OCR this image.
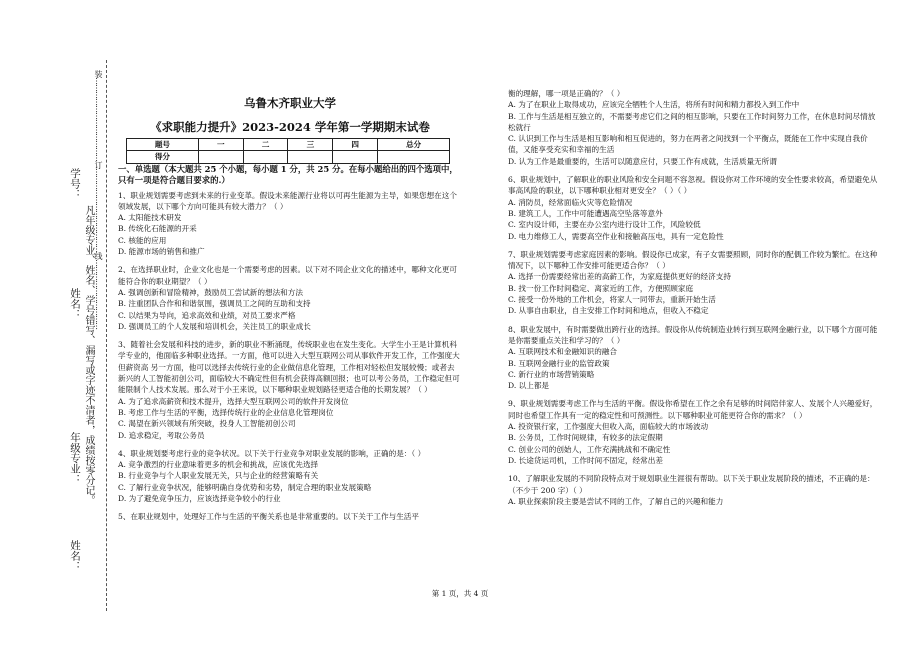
学号：
姓名：
年级专业：
姓名：
装………………………………订………………………………线…………………………
凡年级专业、姓名、学号错写、漏写或字迹不清者，成绩按零分记。

乌鲁木齐职业大学

《求职能力提升》2023-2024 学年第一学期期末试卷

题号	一	二	三	四	总分
得分					

一、单选题（本大题共 25 个小题，每小题 1 分，共 25 分。在每小题给出的四个选项中，只有一项是符合题目要求的.）

1、职业规划需要考虑到未来的行业变革。假设未来能源行业将以可再生能源为主导，如果您想在这个领域发展，以下哪个方向可能具有较大潜力？（ ）

A. 太阳能技术研发

B. 传统化石能源的开采

C. 核能的应用

D. 能源市场的销售和推广

2、在选择职业时，企业文化也是一个需要考虑的因素。以下对不同企业文化的描述中，哪种文化更可能符合你的职业期望？（ ）

A. 强调创新和冒险精神，鼓励员工尝试新的想法和方法

B. 注重团队合作和和谐氛围，强调员工之间的互助和支持

C. 以结果为导向，追求高效和业绩，对员工要求严格

D. 强调员工的个人发展和培训机会，关注员工的职业成长

3、随着社会发展和科技的进步，新的职业不断涌现，传统职业也在发生变化。大学生小王是计算机科学专业的，他面临多种职业选择。一方面，他可以进入大型互联网公司从事软件开发工作，工作强度大但薪资高 另一方面，他可以选择去传统行业的企业做信息化管理，工作相对轻松但发展较慢；或者去新兴的人工智能初创公司，面临较大不确定性但有机会获得高额回报；也可以考公务员，工作稳定但可能限制个人技术发展。那么对于小王来说，以下哪种职业规划路径更适合他的长期发展？（ ）

A. 为了追求高薪资和技术提升，选择大型互联网公司的软件开发岗位

B. 考虑工作与生活的平衡，选择传统行业的企业信息化管理岗位

C. 渴望在新兴领域有所突破，投身人工智能初创公司

D. 追求稳定，考取公务员

4、职业规划要考虑行业的竞争状况。以下关于行业竞争对职业发展的影响，正确的是：（ ）

A. 竞争激烈的行业意味着更多的机会和挑战，应该优先选择

B. 行业竞争与个人职业发展无关，只与企业的经营策略有关

C. 了解行业竞争状况，能够明确自身优势和劣势，制定合理的职业发展策略

D. 为了避免竞争压力，应该选择竞争较小的行业

5、在职业规划中，处理好工作与生活的平衡关系也是非常重要的。以下关于工作与生活平

衡的理解，哪一项是正确的？（ ）

A. 为了在职业上取得成功，应该完全牺牲个人生活，将所有时间和精力都投入到工作中

B. 工作与生活是相互独立的，不需要考虑它们之间的相互影响，只要在工作时间努力工作，在休息时间尽情放松就行

C. 认识到工作与生活是相互影响和相互促进的，努力在两者之间找到一个平衡点，既能在工作中实现自我价值，又能享受充实和幸福的生活

D. 认为工作是最重要的，生活可以随意应付，只要工作有成就，生活质量无所谓

6、职业规划中，了解职业的职业风险和安全问题不容忽视。假设你对工作环境的安全性要求较高，希望避免从事高风险的职业，以下哪种职业相对更安全？（ ）（ ）

A. 消防员，经常面临火灾等危险情况

B. 建筑工人，工作中可能遭遇高空坠落等意外

C. 室内设计师，主要在办公室内进行设计工作，风险较低

D. 电力维修工人，需要高空作业和接触高压电，具有一定危险性

7、职业规划需要考虑家庭因素的影响。假设你已成家，有子女需要照顾，同时你的配偶工作较为繁忙。在这种情况下，以下哪种工作安排可能更适合你？（ ）

A. 选择一份需要经常出差的高薪工作，为家庭提供更好的经济支持

B. 找一份工作时间稳定、离家近的工作，方便照顾家庭

C. 接受一份外地的工作机会，将家人一同带去，重新开始生活

D. 从事自由职业，自主安排工作时间和地点，但收入不稳定

8、职业发展中，有时需要做出跨行业的选择。假设你从传统制造业转行到互联网金融行业，以下哪个方面可能是你需要重点关注和学习的？（ ）

A. 互联网技术和金融知识的融合

B. 互联网金融行业的监管政策

C. 新行业的市场营销策略

D. 以上都是

9、职业规划需要考虑工作与生活的平衡。假设你希望在工作之余有足够的时间陪伴家人、发展个人兴趣爱好，同时也希望工作具有一定的稳定性和可预测性。以下哪种职业可能更符合你的需求？（ ）

A. 投资银行家，工作强度大但收入高，面临较大的市场波动

B. 公务员，工作时间规律，有较多的法定假期

C. 创业公司的创始人，工作充满挑战和不确定性

D. 长途货运司机，工作时间不固定，经常出差

10、了解职业发展的不同阶段特点对于规划职业生涯很有帮助。以下关于职业发展阶段的描述，不正确的是：（不少于 200 字）（ ）

A. 职业探索阶段主要是尝试不同的工作，了解自己的兴趣和能力

第 1 页，共 4 页
